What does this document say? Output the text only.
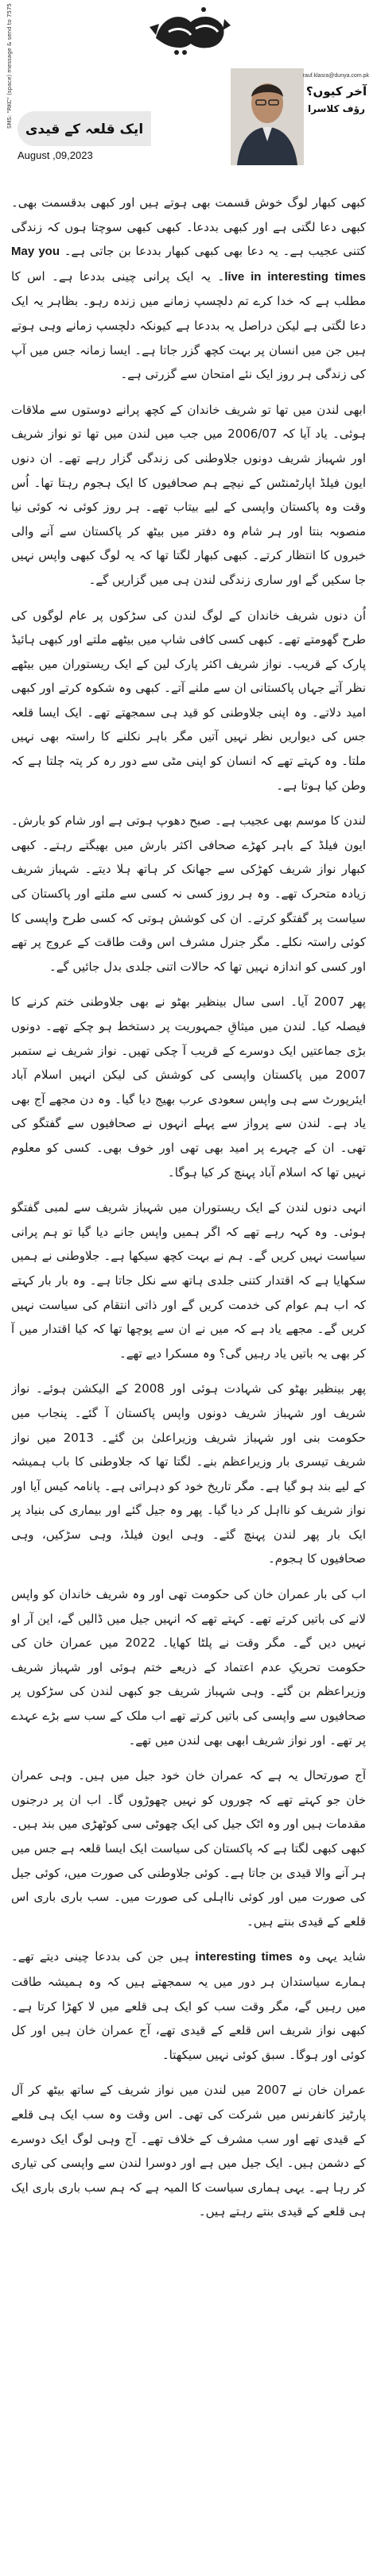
ایک قلعہ کے قیدی
August ,09,2023
آخر کیوں؟
رؤف کلاسرا
rauf.klasra@dunya.com.pk
SMS: "RKC" (space) message & send to 7575

کبھی کبھار لوگ خوش قسمت بھی ہوتے ہیں اور کبھی بدقسمت بھی۔ کبھی دعا لگتی ہے اور کبھی بددعا۔ کبھی کبھی سوچتا ہوں کہ زندگی کتنی عجیب ہے۔ یہ دعا بھی کبھی کبھار بددعا بن جاتی ہے۔ May you live in interesting times۔ یہ ایک پرانی چینی بددعا ہے۔ اس کا مطلب ہے کہ خدا کرے تم دلچسپ زمانے میں زندہ رہو۔ بظاہر یہ ایک دعا لگتی ہے لیکن دراصل یہ بددعا ہے کیونکہ دلچسپ زمانے وہی ہوتے ہیں جن میں انسان پر بہت کچھ گزر جاتا ہے۔ ایسا زمانہ جس میں آپ کی زندگی ہر روز ایک نئے امتحان سے گزرتی ہے۔

ابھی لندن میں تھا تو شریف خاندان کے کچھ پرانے دوستوں سے ملاقات ہوئی۔ یاد آیا کہ 2006/07 میں جب میں لندن میں تھا تو نواز شریف اور شہباز شریف دونوں جلاوطنی کی زندگی گزار رہے تھے۔ ان دنوں ایون فیلڈ اپارٹمنٹس کے نیچے ہم صحافیوں کا ایک ہجوم رہتا تھا۔ اُس وقت وہ پاکستان واپسی کے لیے بیتاب تھے۔ ہر روز کوئی نہ کوئی نیا منصوبہ بنتا اور ہر شام وہ دفتر میں بیٹھ کر پاکستان سے آنے والی خبروں کا انتظار کرتے۔ کبھی کبھار لگتا تھا کہ یہ لوگ کبھی واپس نہیں جا سکیں گے اور ساری زندگی لندن ہی میں گزاریں گے۔

اُن دنوں شریف خاندان کے لوگ لندن کی سڑکوں پر عام لوگوں کی طرح گھومتے تھے۔ کبھی کسی کافی شاپ میں بیٹھے ملتے اور کبھی ہائیڈ پارک کے قریب۔ نواز شریف اکثر پارک لین کے ایک ریستوران میں بیٹھے نظر آتے جہاں پاکستانی ان سے ملنے آتے۔ کبھی وہ شکوہ کرتے اور کبھی امید دلاتے۔ وہ اپنی جلاوطنی کو قید ہی سمجھتے تھے۔ ایک ایسا قلعہ جس کی دیواریں نظر نہیں آتیں مگر باہر نکلنے کا راستہ بھی نہیں ملتا۔ وہ کہتے تھے کہ انسان کو اپنی مٹی سے دور رہ کر پتہ چلتا ہے کہ وطن کیا ہوتا ہے۔

لندن کا موسم بھی عجیب ہے۔ صبح دھوپ ہوتی ہے اور شام کو بارش۔ ایون فیلڈ کے باہر کھڑے صحافی اکثر بارش میں بھیگتے رہتے۔ کبھی کبھار نواز شریف کھڑکی سے جھانک کر ہاتھ ہلا دیتے۔ شہباز شریف زیادہ متحرک تھے۔ وہ ہر روز کسی نہ کسی سے ملتے اور پاکستان کی سیاست پر گفتگو کرتے۔ ان کی کوشش ہوتی کہ کسی طرح واپسی کا کوئی راستہ نکلے۔ مگر جنرل مشرف اس وقت طاقت کے عروج پر تھے اور کسی کو اندازہ نہیں تھا کہ حالات اتنی جلدی بدل جائیں گے۔

پھر 2007 آیا۔ اسی سال بینظیر بھٹو نے بھی جلاوطنی ختم کرنے کا فیصلہ کیا۔ لندن میں میثاقِ جمہوریت پر دستخط ہو چکے تھے۔ دونوں بڑی جماعتیں ایک دوسرے کے قریب آ چکی تھیں۔ نواز شریف نے ستمبر 2007 میں پاکستان واپسی کی کوشش کی لیکن انہیں اسلام آباد ایئرپورٹ سے ہی واپس سعودی عرب بھیج دیا گیا۔ وہ دن مجھے آج بھی یاد ہے۔ لندن سے پرواز سے پہلے انہوں نے صحافیوں سے گفتگو کی تھی۔ ان کے چہرے پر امید بھی تھی اور خوف بھی۔ کسی کو معلوم نہیں تھا کہ اسلام آباد پہنچ کر کیا ہوگا۔

انہی دنوں لندن کے ایک ریستوران میں شہباز شریف سے لمبی گفتگو ہوئی۔ وہ کہہ رہے تھے کہ اگر ہمیں واپس جانے دیا گیا تو ہم پرانی سیاست نہیں کریں گے۔ ہم نے بہت کچھ سیکھا ہے۔ جلاوطنی نے ہمیں سکھایا ہے کہ اقتدار کتنی جلدی ہاتھ سے نکل جاتا ہے۔ وہ بار بار کہتے کہ اب ہم عوام کی خدمت کریں گے اور ذاتی انتقام کی سیاست نہیں کریں گے۔ مجھے یاد ہے کہ میں نے ان سے پوچھا تھا کہ کیا اقتدار میں آ کر بھی یہ باتیں یاد رہیں گی؟ وہ مسکرا دیے تھے۔

پھر بینظیر بھٹو کی شہادت ہوئی اور 2008 کے الیکشن ہوئے۔ نواز شریف اور شہباز شریف دونوں واپس پاکستان آ گئے۔ پنجاب میں حکومت بنی اور شہباز شریف وزیراعلیٰ بن گئے۔ 2013 میں نواز شریف تیسری بار وزیراعظم بنے۔ لگتا تھا کہ جلاوطنی کا باب ہمیشہ کے لیے بند ہو گیا ہے۔ مگر تاریخ خود کو دہراتی ہے۔ پانامہ کیس آیا اور نواز شریف کو نااہل کر دیا گیا۔ پھر وہ جیل گئے اور بیماری کی بنیاد پر ایک بار پھر لندن پہنچ گئے۔ وہی ایون فیلڈ، وہی سڑکیں، وہی صحافیوں کا ہجوم۔

اب کی بار عمران خان کی حکومت تھی اور وہ شریف خاندان کو واپس لانے کی باتیں کرتے تھے۔ کہتے تھے کہ انہیں جیل میں ڈالیں گے، این آر او نہیں دیں گے۔ مگر وقت نے پلٹا کھایا۔ 2022 میں عمران خان کی حکومت تحریکِ عدم اعتماد کے ذریعے ختم ہوئی اور شہباز شریف وزیراعظم بن گئے۔ وہی شہباز شریف جو کبھی لندن کی سڑکوں پر صحافیوں سے واپسی کی باتیں کرتے تھے اب ملک کے سب سے بڑے عہدے پر تھے۔ اور نواز شریف ابھی بھی لندن میں تھے۔

آج صورتحال یہ ہے کہ عمران خان خود جیل میں ہیں۔ وہی عمران خان جو کہتے تھے کہ چوروں کو نہیں چھوڑوں گا۔ اب ان پر درجنوں مقدمات ہیں اور وہ اٹک جیل کی ایک چھوٹی سی کوٹھڑی میں بند ہیں۔ کبھی کبھی لگتا ہے کہ پاکستان کی سیاست ایک ایسا قلعہ ہے جس میں ہر آنے والا قیدی بن جاتا ہے۔ کوئی جلاوطنی کی صورت میں، کوئی جیل کی صورت میں اور کوئی نااہلی کی صورت میں۔ سب باری باری اس قلعے کے قیدی بنتے ہیں۔

شاید یہی وہ interesting times ہیں جن کی بددعا چینی دیتے تھے۔ ہمارے سیاستدان ہر دور میں یہ سمجھتے ہیں کہ وہ ہمیشہ طاقت میں رہیں گے، مگر وقت سب کو ایک ہی قلعے میں لا کھڑا کرتا ہے۔ کبھی نواز شریف اس قلعے کے قیدی تھے، آج عمران خان ہیں اور کل کوئی اور ہوگا۔ سبق کوئی نہیں سیکھتا۔

عمران خان نے 2007 میں لندن میں نواز شریف کے ساتھ بیٹھ کر آل پارٹیز کانفرنس میں شرکت کی تھی۔ اس وقت وہ سب ایک ہی قلعے کے قیدی تھے اور سب مشرف کے خلاف تھے۔ آج وہی لوگ ایک دوسرے کے دشمن ہیں۔ ایک جیل میں ہے اور دوسرا لندن سے واپسی کی تیاری کر رہا ہے۔ یہی ہماری سیاست کا المیہ ہے کہ ہم سب باری باری ایک ہی قلعے کے قیدی بنتے رہتے ہیں۔
